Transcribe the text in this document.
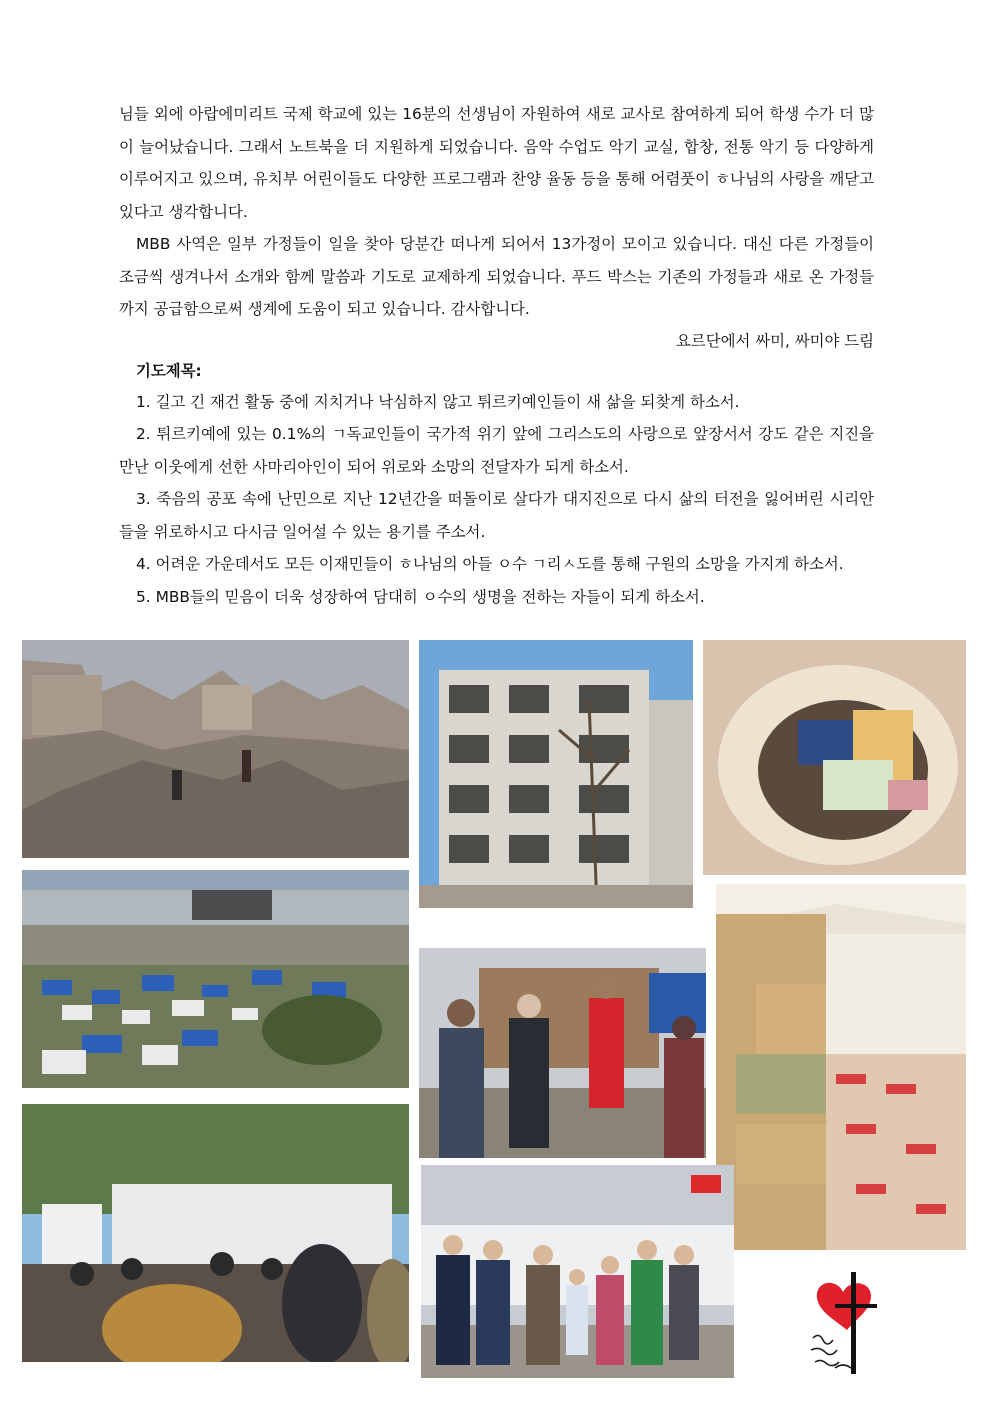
님들 외에 아랍에미리트 국제 학교에 있는 16분의 선생님이 자원하여 새로 교사로 참여하게 되어 학생 수가 더 많이 늘어났습니다. 그래서 노트북을 더 지원하게 되었습니다. 음악 수업도 악기 교실, 합창, 전통 악기 등 다양하게 이루어지고 있으며, 유치부 어린이들도 다양한 프로그램과 찬양 율동 등을 통해 어렴풋이 ㅎ나님의 사랑을 깨닫고 있다고 생각합니다.

MBB 사역은 일부 가정들이 일을 찾아 당분간 떠나게 되어서 13가정이 모이고 있습니다. 대신 다른 가정들이 조금씩 생겨나서 소개와 함께 말씀과 기도로 교제하게 되었습니다. 푸드 박스는 기존의 가정들과 새로 온 가정들까지 공급함으로써 생계에 도움이 되고 있습니다. 감사합니다.

요르단에서 싸미, 싸미야 드림
기도제목:

1. 길고 긴 재건 활동 중에 지치거나 낙심하지 않고 튀르키예인들이 새 삶을 되찾게 하소서.

2. 튀르키예에 있는 0.1%의 ㄱ독교인들이 국가적 위기 앞에 그리스도의 사랑으로 앞장서서 강도 같은 지진을 만난 이웃에게 선한 사마리아인이 되어 위로와 소망의 전달자가 되게 하소서.

3. 죽음의 공포 속에 난민으로 지난 12년간을 떠돌이로 살다가 대지진으로 다시 삶의 터전을 잃어버린 시리안들을 위로하시고 다시금 일어설 수 있는 용기를 주소서.

4. 어려운 가운데서도 모든 이재민들이 ㅎ나님의 아들 ㅇ수 ㄱ리ㅅ도를 통해 구원의 소망을 가지게 하소서.

5. MBB들의 믿음이 더욱 성장하여 담대히 ㅇ수의 생명을 전하는 자들이 되게 하소서.
